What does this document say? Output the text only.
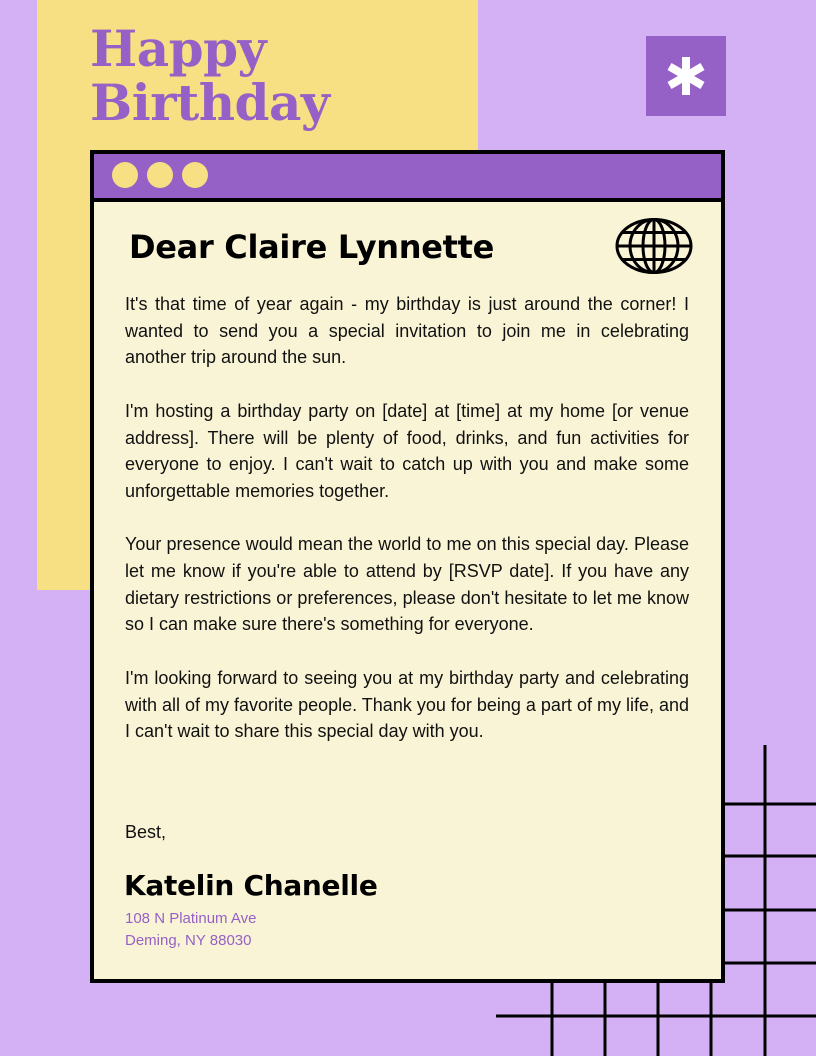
Happy
Birthday
Dear Claire Lynnette

It's that time of year again - my birthday is just around the corner! I wanted to send you a special invitation to join me in celebrating another trip around the sun.

I'm hosting a birthday party on [date] at [time] at my home [or venue address]. There will be plenty of food, drinks, and fun activities for everyone to enjoy. I can't wait to catch up with you and make some unforgettable memories together.

Your presence would mean the world to me on this special day. Please let me know if you're able to attend by [RSVP date]. If you have any dietary restrictions or preferences, please don't hesitate to let me know so I can make sure there's something for everyone.

I'm looking forward to seeing you at my birthday party and celebrating with all of my favorite people. Thank you for being a part of my life, and I can't wait to share this special day with you.

Best,

Katelin Chanelle

108 N Platinum Ave

Deming, NY 88030
